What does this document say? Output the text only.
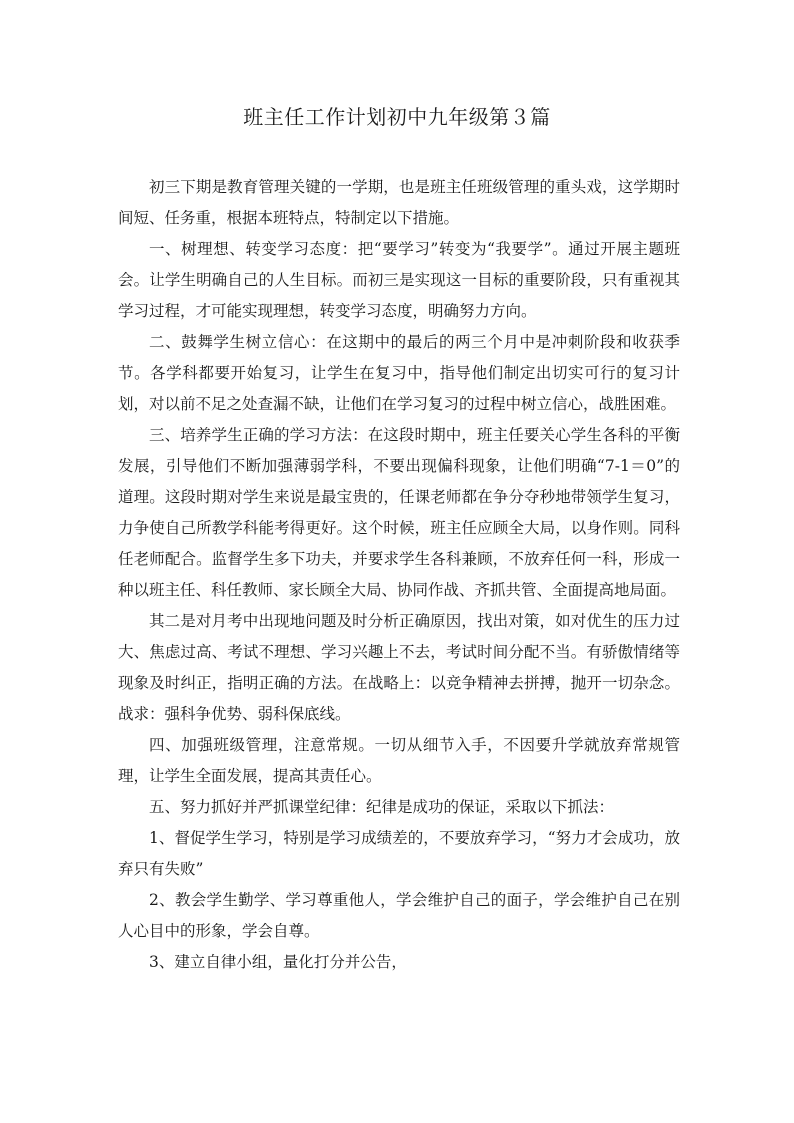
班主任工作计划初中九年级第３篇

初三下期是教育管理关键的一学期，也是班主任班级管理的重头戏，这学期时间短、任务重，根据本班特点，特制定以下措施。

一、树理想、转变学习态度：把“要学习”转变为“我要学”。通过开展主题班会。让学生明确自己的人生目标。而初三是实现这一目标的重要阶段，只有重视其学习过程，才可能实现理想，转变学习态度，明确努力方向。

二、鼓舞学生树立信心：在这期中的最后的两三个月中是冲刺阶段和收获季节。各学科都要开始复习，让学生在复习中，指导他们制定出切实可行的复习计划，对以前不足之处查漏不缺，让他们在学习复习的过程中树立信心，战胜困难。

三、培养学生正确的学习方法：在这段时期中，班主任要关心学生各科的平衡发展，引导他们不断加强薄弱学科，不要出现偏科现象，让他们明确“7-1＝0”的道理。这段时期对学生来说是最宝贵的，任课老师都在争分夺秒地带领学生复习，力争使自己所教学科能考得更好。这个时候，班主任应顾全大局，以身作则。同科任老师配合。监督学生多下功夫，并要求学生各科兼顾，不放弃任何一科，形成一种以班主任、科任教师、家长顾全大局、协同作战、齐抓共管、全面提高地局面。

其二是对月考中出现地问题及时分析正确原因，找出对策，如对优生的压力过大、焦虑过高、考试不理想、学习兴趣上不去，考试时间分配不当。有骄傲情绪等现象及时纠正，指明正确的方法。在战略上：以竞争精神去拼搏，抛开一切杂念。战求：强科争优势、弱科保底线。

四、加强班级管理，注意常规。一切从细节入手，不因要升学就放弃常规管理，让学生全面发展，提高其责任心。

五、努力抓好并严抓课堂纪律：纪律是成功的保证，采取以下抓法：

1、督促学生学习，特别是学习成绩差的，不要放弃学习，“努力才会成功，放弃只有失败”

2、教会学生勤学、学习尊重他人，学会维护自己的面子，学会维护自己在别人心目中的形象，学会自尊。

3、建立自律小组，量化打分并公告，
